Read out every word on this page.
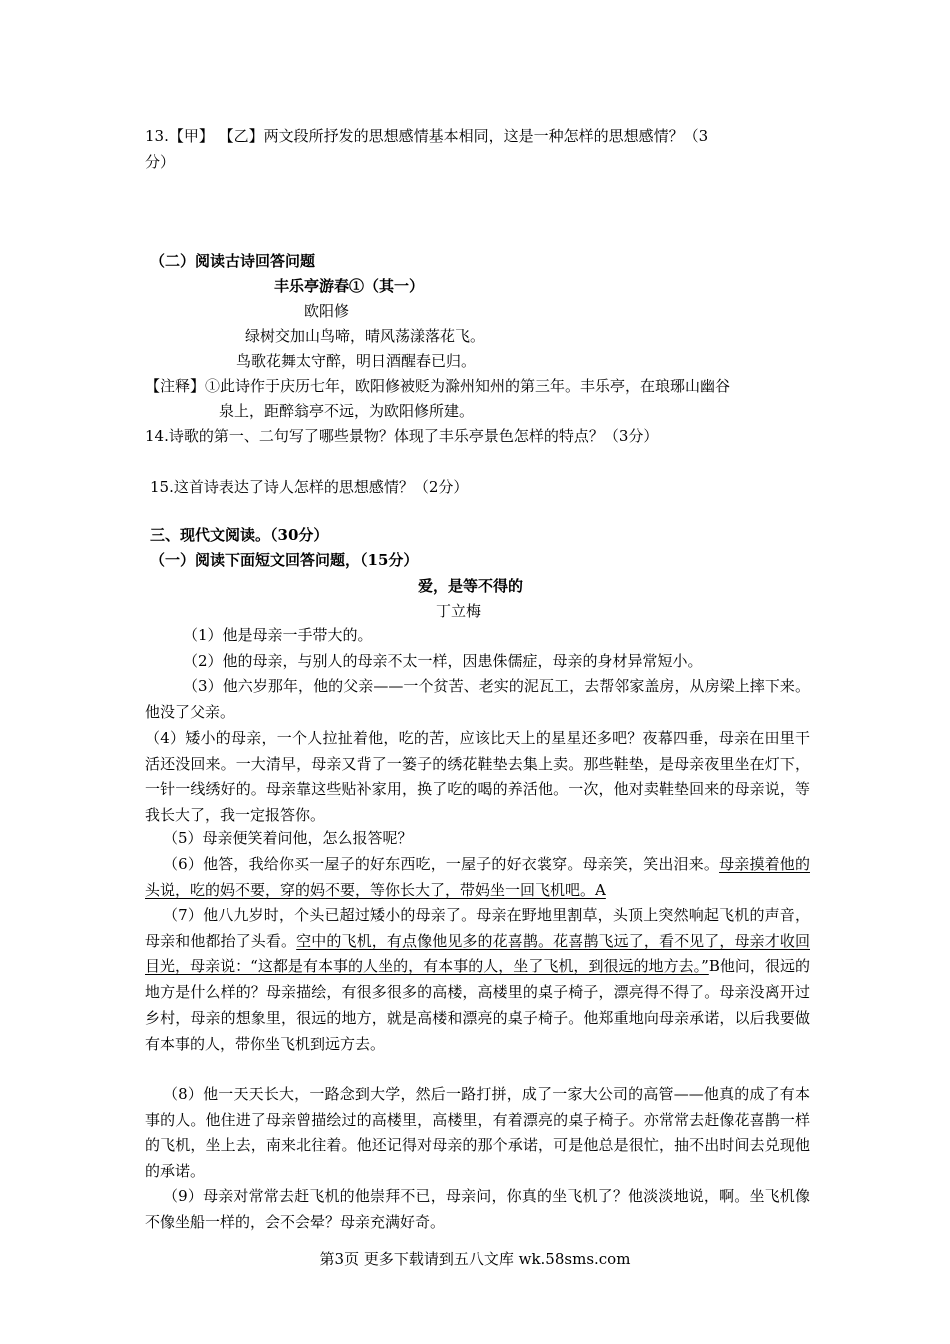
13.【甲】 【乙】两文段所抒发的思想感情基本相同，这是一种怎样的思想感情？（3
分）
（二）阅读古诗回答问题
丰乐亭游春①（其一）
欧阳修
绿树交加山鸟啼，晴风荡漾落花飞。
鸟歌花舞太守醉，明日酒醒春已归。
【注释】①此诗作于庆历七年，欧阳修被贬为滁州知州的第三年。丰乐亭，在琅琊山幽谷
泉上，距醉翁亭不远，为欧阳修所建。
14.诗歌的第一、二句写了哪些景物？体现了丰乐亭景色怎样的特点？（3分）
15.这首诗表达了诗人怎样的思想感情？（2分）
三、现代文阅读。（30分）
（一）阅读下面短文回答问题，（15分）
爱，是等不得的
丁立梅
（1）他是母亲一手带大的。
（2）他的母亲，与别人的母亲不太一样，因患侏儒症，母亲的身材异常短小。
（3）他六岁那年，他的父亲——一个贫苦、老实的泥瓦工，去帮邻家盖房，从房梁上摔下来。他没了父亲。
（4）矮小的母亲，一个人拉扯着他，吃的苦，应该比天上的星星还多吧？夜幕四垂，母亲在田里干活还没回来。一大清早，母亲又背了一篓子的绣花鞋垫去集上卖。那些鞋垫，是母亲夜里坐在灯下，一针一线绣好的。母亲靠这些贴补家用，换了吃的喝的养活他。一次，他对卖鞋垫回来的母亲说，等我长大了，我一定报答你。
（5）母亲便笑着问他，怎么报答呢？
（6）他答，我给你买一屋子的好东西吃，一屋子的好衣裳穿。母亲笑，笑出泪来。母亲摸着他的头说，吃的妈不要，穿的妈不要，等你长大了，带妈坐一回飞机吧。A
（7）他八九岁时，个头已超过矮小的母亲了。母亲在野地里割草，头顶上突然响起飞机的声音，母亲和他都抬了头看。空中的飞机，有点像他见多的花喜鹊。花喜鹊飞远了，看不见了，母亲才收回目光，母亲说：“这都是有本事的人坐的，有本事的人，坐了飞机，到很远的地方去。”B他问，很远的地方是什么样的？母亲描绘，有很多很多的高楼，高楼里的桌子椅子，漂亮得不得了。母亲没离开过乡村，母亲的想象里，很远的地方，就是高楼和漂亮的桌子椅子。他郑重地向母亲承诺，以后我要做有本事的人，带你坐飞机到远方去。
（8）他一天天长大，一路念到大学，然后一路打拼，成了一家大公司的高管——他真的成了有本事的人。他住进了母亲曾描绘过的高楼里，高楼里，有着漂亮的桌子椅子。亦常常去赶像花喜鹊一样的飞机，坐上去，南来北往着。他还记得对母亲的那个承诺，可是他总是很忙，抽不出时间去兑现他的承诺。
（9）母亲对常常去赶飞机的他崇拜不已，母亲问，你真的坐飞机了？他淡淡地说，啊。坐飞机像不像坐船一样的，会不会晕？母亲充满好奇。
第3页 更多下载请到五八文库 wk.58sms.com
